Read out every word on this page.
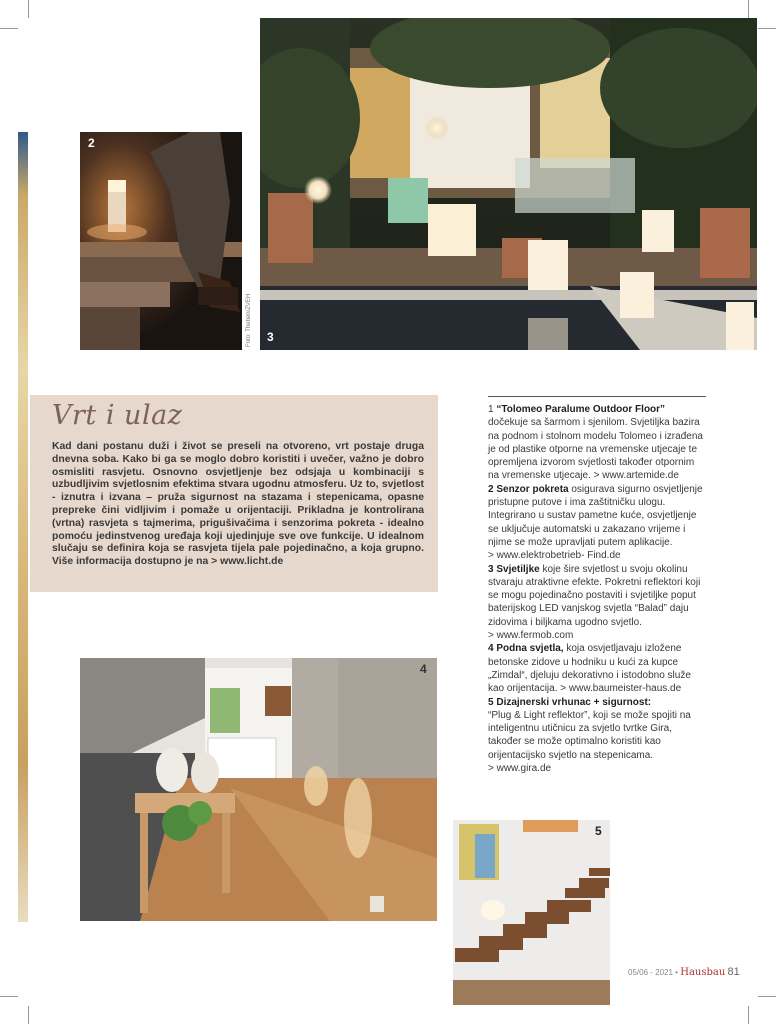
2
Foto: Theben/ZVEH 3
Vrt i ulaz
Kad dani postanu duži i život se preseli na otvoreno, vrt postaje druga dnevna soba. Kako bi ga se moglo dobro koristiti i uvečer, važno je dobro osmisliti rasvjetu. Osnovno osvjetljenje bez odsjaja u kombinaciji s uzbudljivim svjetlosnim efektima stvara ugodnu atmosferu. Uz to, svjetlost - iznutra i izvana – pruža sigurnost na stazama i stepenicama, opasne prepreke čini vidljivim i pomaže u orijentaciji. Prikladna je kontrolirana (vrtna) rasvjeta s tajmerima, prigušivačima i senzorima pokreta - idealno pomoću jedinstvenog uređaja koji ujedinjuje sve ove funkcije. U idealnom slučaju se definira koja se rasvjeta tijela pale pojedinačno, a koja grupno. Više informacija dostupno je na > www.licht.de

1 “Tolomeo Paralume Outdoor Floor” dočekuje sa šarmom i sjenilom. Svjetiljka bazira na podnom i stolnom modelu Tolomeo i izrađena je od plastike otporne na vremenske utjecaje te opremljena izvorom svjetlosti također otpornim na vremenske utjecaje. > www.artemide.de

2 Senzor pokreta osigurava sigurno osvjetljenje pristupne putove i ima zaštitničku ulogu. Integrirano u sustav pametne kuće, osvjetljenje se uključuje automatski u zakazano vrijeme i njime se može upravljati putem aplikacije.
> www.elektrobetrieb- Find.de

3 Svjetiljke koje šire svjetlost u svoju okolinu stvaraju atraktivne efekte. Pokretni reflektori koji se mogu pojedinačno postaviti i svjetiljke poput baterijskog LED vanjskog svjetla “Balad” daju zidovima i biljkama ugodno svjetlo.
> www.fermob.com

4 Podna svjetla, koja osvjetljavaju izložene betonske zidove u hodniku u kući za kupce „Zimdal“, djeluju dekorativno i istodobno služe kao orijentacija. > www.baumeister-haus.de

5 Dizajnerski vrhunac + sigurnost:
“Plug & Light reflektor”, koji se može spojiti na inteligentnu utičnicu za svjetlo tvrtke Gira, također se može optimalno koristiti kao orijentacijsko svjetlo na stepenicama.
> www.gira.de

4
5
05/06 - 2021 • Hausbau 81
